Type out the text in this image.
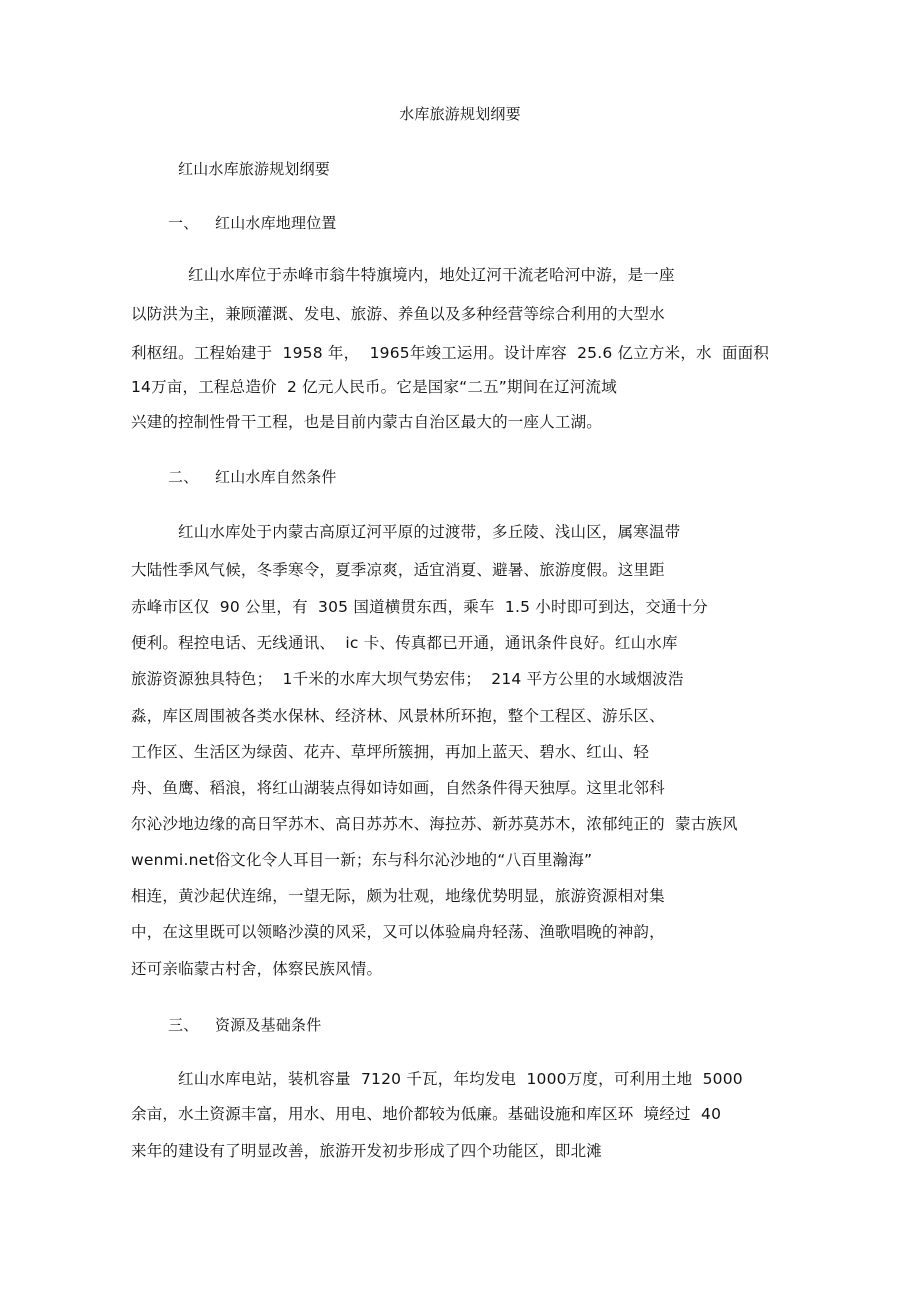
水库旅游规划纲要
红山水库旅游规划纲要
一、 红山水库地理位置
红山水库位于赤峰市翁牛特旗境内，地处辽河干流老哈河中游，是一座
以防洪为主，兼顾灌溉、发电、旅游、养鱼以及多种经营等综合利用的大型水
利枢纽。工程始建于  1958 年，  1965年竣工运用。设计库容  25.6 亿立方米，水  面面积
14万亩，工程总造价  2 亿元人民币。它是国家“二五”期间在辽河流域
兴建的控制性骨干工程，也是目前内蒙古自治区最大的一座人工湖。
二、 红山水库自然条件
红山水库处于内蒙古高原辽河平原的过渡带，多丘陵、浅山区，属寒温带
大陆性季风气候，冬季寒令，夏季凉爽，适宜消夏、避暑、旅游度假。这里距
赤峰市区仅  90 公里，有  305 国道横贯东西，乘车  1.5 小时即可到达，交通十分
便利。程控电话、无线通讯、  ic 卡、传真都已开通，通讯条件良好。红山水库
旅游资源独具特色；  1千米的水库大坝气势宏伟；  214 平方公里的水域烟波浩
淼，库区周围被各类水保林、经济林、风景林所环抱，整个工程区、游乐区、
工作区、生活区为绿茵、花卉、草坪所簇拥，再加上蓝天、碧水、红山、轻
舟、鱼鹰、稻浪，将红山湖装点得如诗如画，自然条件得天独厚。这里北邻科
尔沁沙地边缘的高日罕苏木、高日苏苏木、海拉苏、新苏莫苏木，浓郁纯正的  蒙古族风
wenmi.net俗文化令人耳目一新；东与科尔沁沙地的“八百里瀚海”
相连，黄沙起伏连绵，一望无际，颇为壮观，地缘优势明显，旅游资源相对集
中，在这里既可以领略沙漠的风采，又可以体验扁舟轻荡、渔歌唱晚的神韵，
还可亲临蒙古村舍，体察民族风情。
三、 资源及基础条件
红山水库电站，装机容量  7120 千瓦，年均发电  1000万度，可利用土地  5000
余亩，水土资源丰富，用水、用电、地价都较为低廉。基础设施和库区环  境经过  40
来年的建设有了明显改善，旅游开发初步形成了四个功能区，即北滩
